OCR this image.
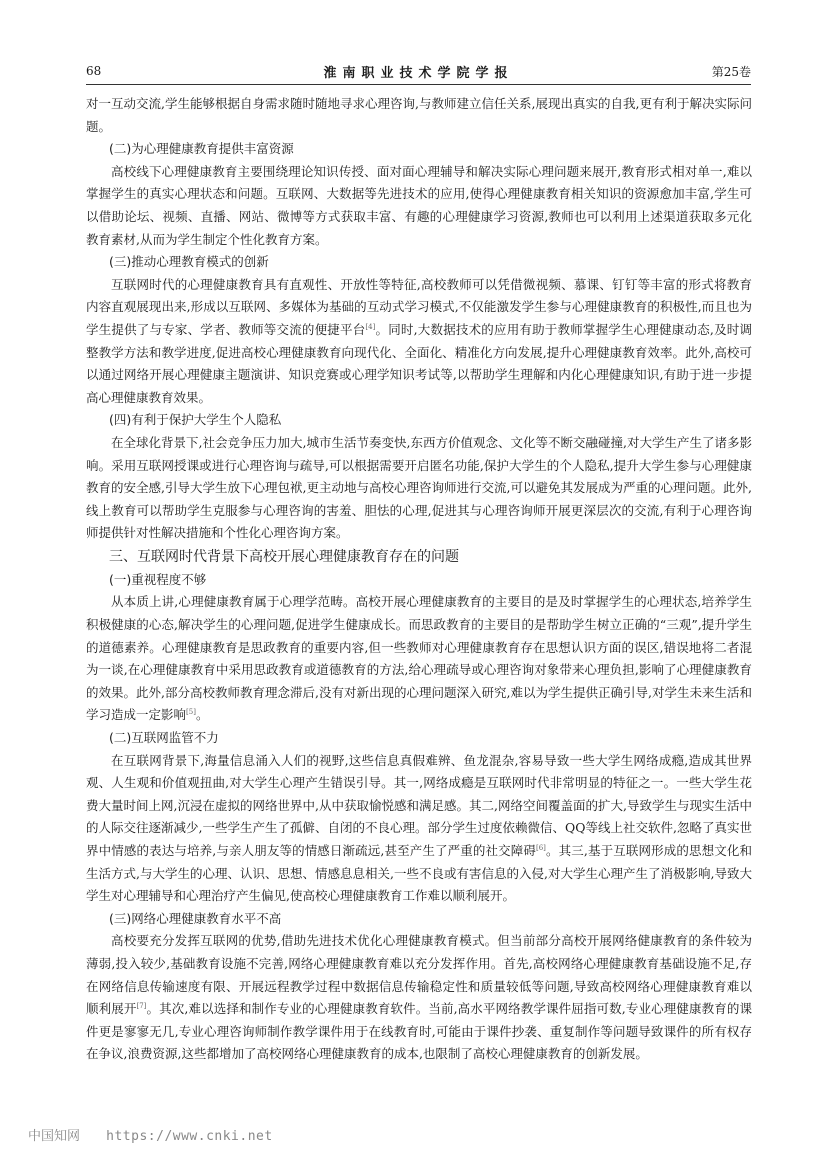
68	淮南职业技术学院学报	第25卷

对一互动交流,学生能够根据自身需求随时随地寻求心理咨询,与教师建立信任关系,展现出真实的自我,更有利于解决实际问题。

(二)为心理健康教育提供丰富资源

高校线下心理健康教育主要围绕理论知识传授、面对面心理辅导和解决实际心理问题来展开,教育形式相对单一,难以掌握学生的真实心理状态和问题。互联网、大数据等先进技术的应用,使得心理健康教育相关知识的资源愈加丰富,学生可以借助论坛、视频、直播、网站、微博等方式获取丰富、有趣的心理健康学习资源,教师也可以利用上述渠道获取多元化教育素材,从而为学生制定个性化教育方案。

(三)推动心理教育模式的创新

互联网时代的心理健康教育具有直观性、开放性等特征,高校教师可以凭借微视频、慕课、钉钉等丰富的形式将教育内容直观展现出来,形成以互联网、多媒体为基础的互动式学习模式,不仅能激发学生参与心理健康教育的积极性,而且也为学生提供了与专家、学者、教师等交流的便捷平台[4]。同时,大数据技术的应用有助于教师掌握学生心理健康动态,及时调整教学方法和教学进度,促进高校心理健康教育向现代化、全面化、精准化方向发展,提升心理健康教育效率。此外,高校可以通过网络开展心理健康主题演讲、知识竞赛或心理学知识考试等,以帮助学生理解和内化心理健康知识,有助于进一步提高心理健康教育效果。

(四)有利于保护大学生个人隐私

在全球化背景下,社会竞争压力加大,城市生活节奏变快,东西方价值观念、文化等不断交融碰撞,对大学生产生了诸多影响。采用互联网授课或进行心理咨询与疏导,可以根据需要开启匿名功能,保护大学生的个人隐私,提升大学生参与心理健康教育的安全感,引导大学生放下心理包袱,更主动地与高校心理咨询师进行交流,可以避免其发展成为严重的心理问题。此外,线上教育可以帮助学生克服参与心理咨询的害羞、胆怯的心理,促进其与心理咨询师开展更深层次的交流,有利于心理咨询师提供针对性解决措施和个性化心理咨询方案。

三、互联网时代背景下高校开展心理健康教育存在的问题
(一)重视程度不够

从本质上讲,心理健康教育属于心理学范畴。高校开展心理健康教育的主要目的是及时掌握学生的心理状态,培养学生积极健康的心态,解决学生的心理问题,促进学生健康成长。而思政教育的主要目的是帮助学生树立正确的“三观”,提升学生的道德素养。心理健康教育是思政教育的重要内容,但一些教师对心理健康教育存在思想认识方面的误区,错误地将二者混为一谈,在心理健康教育中采用思政教育或道德教育的方法,给心理疏导或心理咨询对象带来心理负担,影响了心理健康教育的效果。此外,部分高校教师教育理念滞后,没有对新出现的心理问题深入研究,难以为学生提供正确引导,对学生未来生活和学习造成一定影响[5]。

(二)互联网监管不力

在互联网背景下,海量信息涌入人们的视野,这些信息真假难辨、鱼龙混杂,容易导致一些大学生网络成瘾,造成其世界观、人生观和价值观扭曲,对大学生心理产生错误引导。其一,网络成瘾是互联网时代非常明显的特征之一。一些大学生花费大量时间上网,沉浸在虚拟的网络世界中,从中获取愉悦感和满足感。其二,网络空间覆盖面的扩大,导致学生与现实生活中的人际交往逐渐减少,一些学生产生了孤僻、自闭的不良心理。部分学生过度依赖微信、QQ等线上社交软件,忽略了真实世界中情感的表达与培养,与亲人朋友等的情感日渐疏远,甚至产生了严重的社交障碍[6]。其三,基于互联网形成的思想文化和生活方式,与大学生的心理、认识、思想、情感息息相关,一些不良或有害信息的入侵,对大学生心理产生了消极影响,导致大学生对心理辅导和心理治疗产生偏见,使高校心理健康教育工作难以顺利展开。

(三)网络心理健康教育水平不高

高校要充分发挥互联网的优势,借助先进技术优化心理健康教育模式。但当前部分高校开展网络健康教育的条件较为薄弱,投入较少,基础教育设施不完善,网络心理健康教育难以充分发挥作用。首先,高校网络心理健康教育基础设施不足,存在网络信息传输速度有限、开展远程教学过程中数据信息传输稳定性和质量较低等问题,导致高校网络心理健康教育难以顺利展开[7]。其次,难以选择和制作专业的心理健康教育软件。当前,高水平网络教学课件屈指可数,专业心理健康教育的课件更是寥寥无几,专业心理咨询师制作教学课件用于在线教育时,可能由于课件抄袭、重复制作等问题导致课件的所有权存在争议,浪费资源,这些都增加了高校网络心理健康教育的成本,也限制了高校心理健康教育的创新发展。

中国知网 https://www.cnki.net
